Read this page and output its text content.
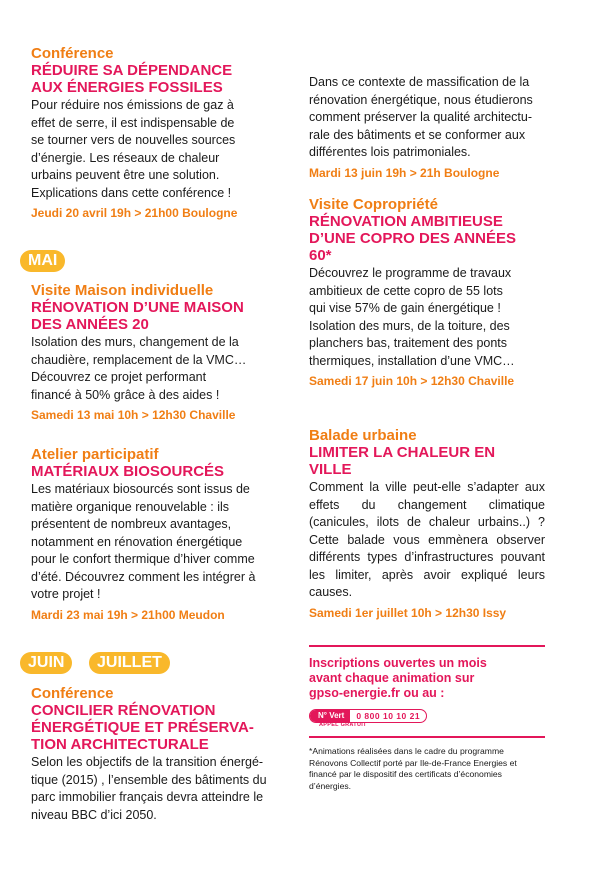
Conférence
RÉDUIRE SA DÉPENDANCE
AUX ÉNERGIES FOSSILES
Pour réduire nos émissions de gaz à
effet de serre, il est indispensable de
se tourner vers de nouvelles sources
d’énergie. Les réseaux de chaleur
urbains peuvent être une solution.
Explications dans cette conférence !
Jeudi 20 avril 19h > 21h00 Boulogne
MAI
Visite Maison individuelle
RÉNOVATION D’UNE MAISON
DES ANNÉES 20
Isolation des murs, changement de la
chaudière, remplacement de la VMC…
Découvrez ce projet performant
financé à 50% grâce à des aides !
Samedi 13 mai 10h > 12h30 Chaville
Atelier participatif
MATÉRIAUX BIOSOURCÉS
Les matériaux biosourcés sont issus de
matière organique renouvelable : ils
présentent de nombreux avantages,
notamment en rénovation énergétique
pour le confort thermique d’hiver comme
d’été. Découvrez comment les intégrer à
votre projet !
Mardi 23 mai 19h > 21h00 Meudon
JUIN	JUILLET
Conférence
CONCILIER RÉNOVATION
ÉNERGÉTIQUE ET PRÉSERVA-
TION ARCHITECTURALE
Selon les objectifs de la transition énergé-
tique (2015) , l’ensemble des bâtiments du
parc immobilier français devra atteindre le
niveau BBC d’ici 2050.
Dans ce contexte de massification de la
rénovation énergétique, nous étudierons
comment préserver la qualité architectu-
rale des bâtiments et se conformer aux
différentes lois patrimoniales.
Mardi 13 juin 19h > 21h Boulogne
Visite Copropriété
RÉNOVATION AMBITIEUSE
D’UNE COPRO DES ANNÉES
60*
Découvrez le programme de travaux
ambitieux de cette copro de 55 lots
qui vise 57% de gain énergétique !
Isolation des murs, de la toiture, des
planchers bas, traitement des ponts
thermiques, installation d’une VMC…
Samedi 17 juin 10h > 12h30 Chaville
Balade urbaine
LIMITER LA CHALEUR EN
VILLE
Comment la ville peut-elle s’adapter aux effets du changement climatique (canicules, ilots de chaleur urbains..) ? Cette balade vous emmènera observer différents types d’infrastructures pouvant les limiter, après avoir expliqué leurs causes.
Samedi 1er juillet 10h > 12h30 Issy
Inscriptions ouvertes un mois
avant chaque animation sur
gpso-energie.fr ou au :
N° Vert	0 800 10 10 21
APPEL GRATUIT
*Animations réalisées dans le cadre du programme
Rénovons Collectif porté par Ile-de-France Energies et
financé par le dispositif des certificats d’économies
d’énergies.
